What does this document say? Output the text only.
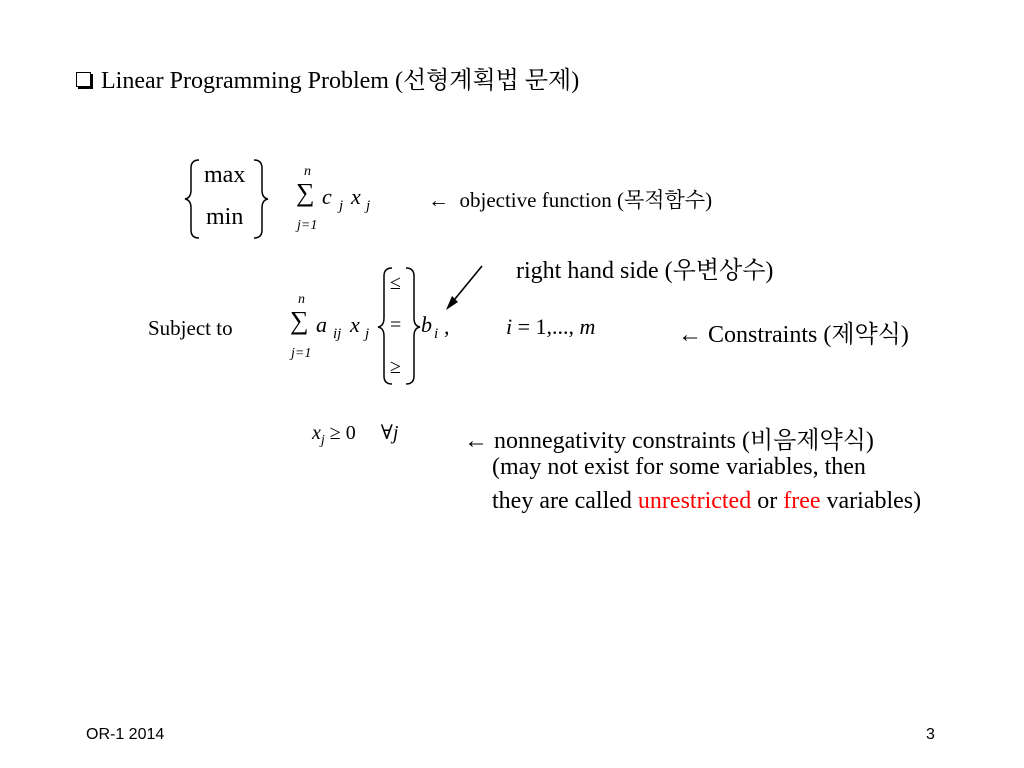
Linear Programming Problem (선형계획법 문제)
max
min
n
∑
j=1
c j x j	← objective function (목적함수)
right hand side (우변상수)
Subject to
n
∑
j=1
a ij x j
≤
=
≥
b i ,	i = 1,..., m	← Constraints (제약식)
$x_j \ge 0$ ∀j	← nonnegativity constraints (비음제약식)
(may not exist for some variables, then
they are called unrestricted or free variables)
OR-1 2014	3
